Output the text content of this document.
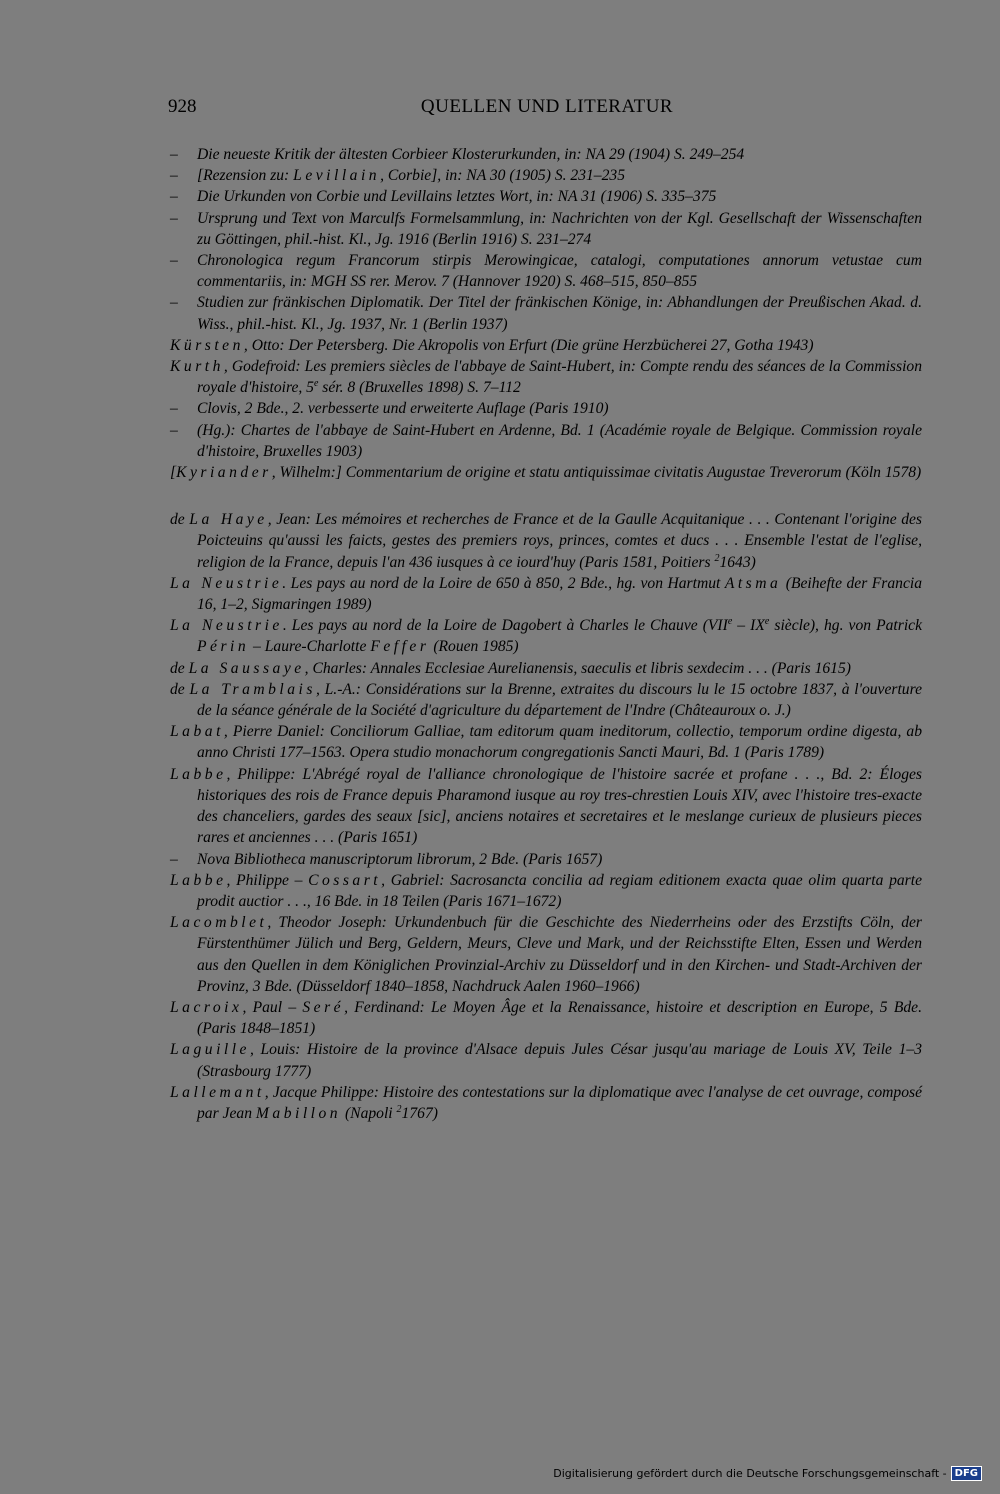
928	QUELLEN UND LITERATUR

– Die neueste Kritik der ältesten Corbieer Klosterurkunden, in: NA 29 (1904) S. 249–254

– [Rezension zu: Levillain, Corbie], in: NA 30 (1905) S. 231–235

– Die Urkunden von Corbie und Levillains letztes Wort, in: NA 31 (1906) S. 335–375

– Ursprung und Text von Marculfs Formelsammlung, in: Nachrichten von der Kgl. Gesellschaft der Wissenschaften zu Göttingen, phil.-hist. Kl., Jg. 1916 (Berlin 1916) S. 231–274

– Chronologica regum Francorum stirpis Merowingicae, catalogi, computationes annorum vetustae cum commentariis, in: MGH SS rer. Merov. 7 (Hannover 1920) S. 468–515, 850–855

– Studien zur fränkischen Diplomatik. Der Titel der fränkischen Könige, in: Abhandlungen der Preußischen Akad. d. Wiss., phil.-hist. Kl., Jg. 1937, Nr. 1 (Berlin 1937)

Kürsten, Otto: Der Petersberg. Die Akropolis von Erfurt (Die grüne Herzbücherei 27, Gotha 1943)

Kurth, Godefroid: Les premiers siècles de l'abbaye de Saint-Hubert, in: Compte rendu des séances de la Commission royale d'histoire, 5e sér. 8 (Bruxelles 1898) S. 7–112

– Clovis, 2 Bde., 2. verbesserte und erweiterte Auflage (Paris 1910)

– (Hg.): Chartes de l'abbaye de Saint-Hubert en Ardenne, Bd. 1 (Académie royale de Belgique. Commission royale d'histoire, Bruxelles 1903)

[Kyriander, Wilhelm:] Commentarium de origine et statu antiquissimae civitatis Augustae Treverorum (Köln 1578)

de La Haye, Jean: Les mémoires et recherches de France et de la Gaulle Acquitanique . . . Contenant l'origine des Poicteuins qu'aussi les faicts, gestes des premiers roys, princes, comtes et ducs . . . Ensemble l'estat de l'eglise, religion de la France, depuis l'an 436 iusques à ce iourd'huy (Paris 1581, Poitiers $^2$1643)

La Neustrie. Les pays au nord de la Loire de 650 à 850, 2 Bde., hg. von Hartmut Atsma (Beihefte der Francia 16, 1–2, Sigmaringen 1989)

La Neustrie. Les pays au nord de la Loire de Dagobert à Charles le Chauve (VIIe – IXe siècle), hg. von Patrick Périn – Laure-Charlotte Feffer (Rouen 1985)

de La Saussaye, Charles: Annales Ecclesiae Aurelianensis, saeculis et libris sexdecim . . . (Paris 1615)

de La Tramblais, L.-A.: Considérations sur la Brenne, extraites du discours lu le 15 octobre 1837, à l'ouverture de la séance générale de la Société d'agriculture du département de l'Indre (Châteauroux o. J.)

Labat, Pierre Daniel: Conciliorum Galliae, tam editorum quam ineditorum, collectio, temporum ordine digesta, ab anno Christi 177–1563. Opera studio monachorum congregationis Sancti Mauri, Bd. 1 (Paris 1789)

Labbe, Philippe: L'Abrégé royal de l'alliance chronologique de l'histoire sacrée et profane . . ., Bd. 2: Éloges historiques des rois de France depuis Pharamond iusque au roy tres-chrestien Louis XIV, avec l'histoire tres-exacte des chanceliers, gardes des seaux [sic], anciens notaires et secretaires et le meslange curieux de plusieurs pieces rares et anciennes . . . (Paris 1651)

– Nova Bibliotheca manuscriptorum librorum, 2 Bde. (Paris 1657)

Labbe, Philippe – Cossart, Gabriel: Sacrosancta concilia ad regiam editionem exacta quae olim quarta parte prodit auctior . . ., 16 Bde. in 18 Teilen (Paris 1671–1672)

Lacomblet, Theodor Joseph: Urkundenbuch für die Geschichte des Niederrheins oder des Erzstifts Cöln, der Fürstenthümer Jülich und Berg, Geldern, Meurs, Cleve und Mark, und der Reichsstifte Elten, Essen und Werden aus den Quellen in dem Königlichen Provinzial-Archiv zu Düsseldorf und in den Kirchen- und Stadt-Archiven der Provinz, 3 Bde. (Düsseldorf 1840–1858, Nachdruck Aalen 1960–1966)

Lacroix, Paul – Seré, Ferdinand: Le Moyen Âge et la Renaissance, histoire et description en Europe, 5 Bde. (Paris 1848–1851)

Laguille, Louis: Histoire de la province d'Alsace depuis Jules César jusqu'au mariage de Louis XV, Teile 1–3 (Strasbourg 1777)

Lallemant, Jacque Philippe: Histoire des contestations sur la diplomatique avec l'analyse de cet ouvrage, composé par Jean Mabillon (Napoli $^2$1767)

Digitalisierung gefördert durch die Deutsche Forschungsgemeinschaft - DFG
